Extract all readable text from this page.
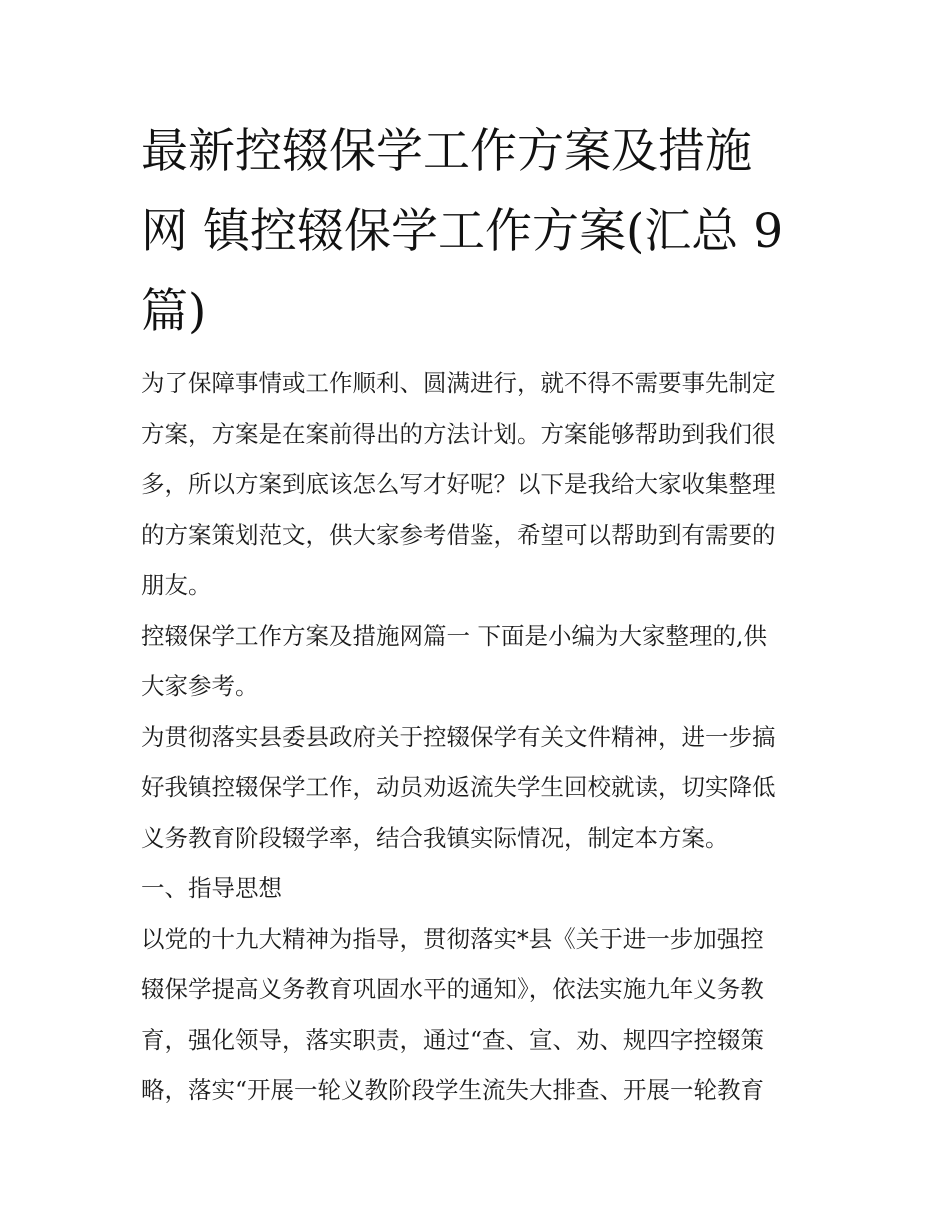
最新控辍保学工作方案及措施
网 镇控辍保学工作方案(汇总 9
篇)

为了保障事情或工作顺利、圆满进行，就不得不需要事先制定
方案，方案是在案前得出的方法计划。方案能够帮助到我们很
多，所以方案到底该怎么写才好呢？以下是我给大家收集整理
的方案策划范文，供大家参考借鉴，希望可以帮助到有需要的
朋友。

控辍保学工作方案及措施网篇一 下面是小编为大家整理的,供
大家参考。

为贯彻落实县委县政府关于控辍保学有关文件精神，进一步搞
好我镇控辍保学工作，动员劝返流失学生回校就读，切实降低
义务教育阶段辍学率，结合我镇实际情况，制定本方案。

一、指导思想

以党的十九大精神为指导，贯彻落实*县《关于进一步加强控
辍保学提高义务教育巩固水平的通知》，依法实施九年义务教
育，强化领导，落实职责，通过“查、宣、劝、规四字控辍策
略，落实“开展一轮义教阶段学生流失大排查、开展一轮教育
